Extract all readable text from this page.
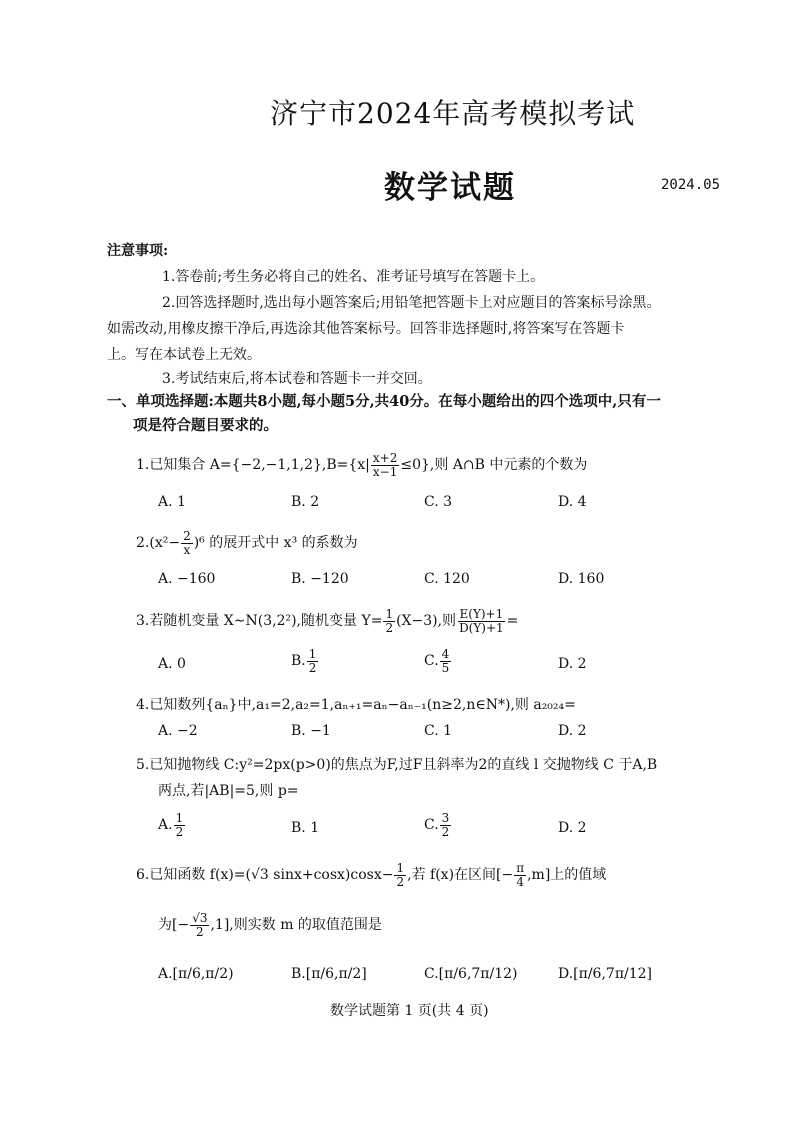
济宁市2024年高考模拟考试
数学试题	2024.05
注意事项:
1.答卷前;考生务必将自己的姓名、准考证号填写在答题卡上。
2.回答选择题时,选出每小题答案后;用铅笔把答题卡上对应题目的答案标号涂黑。
如需改动,用橡皮擦干净后,再选涂其他答案标号。回答非选择题时,将答案写在答题卡
上。写在本试卷上无效。
3.考试结束后,将本试卷和答题卡一并交回。
一、单项选择题:本题共8小题,每小题5分,共40分。在每小题给出的四个选项中,只有一
项是符合题目要求的。
1.已知集合 $A=\{-2,-1,1,2\},B=\{x| \frac{x+2}{x-1} \le 0\}$,则 A∩B 中元素的个数为
A. 1	B. 2	C. 3	D. 4
$2.(x^2- \frac{2}{x} )^6$ 的展开式中 x³ 的系数为
A. −160	B. −120	C. 120	D. 160
3.若随机变量 X∼N(3,2²),随机变量 $Y= \frac{1}{2} (X-3)$,则 $\frac{E(Y)+1}{D(Y)+1}$ =
A. 0	B. $\frac{1}{2}$	C. $\frac{4}{5}$	D. 2
4.已知数列{aₙ}中,a₁=2,a₂=1,aₙ₊₁=aₙ−aₙ₋₁(n≥2,n∈N*),则 a₂₀₂₄=
A. −2	B. −1	C. 1	D. 2
5.已知抛物线 C:y²=2px(p>0)的焦点为F,过F且斜率为2的直线 l 交抛物线 C 于A,B
两点,若|AB|=5,则 p=
A. $\frac{1}{2}$	B. 1	C. $\frac{3}{2}$	D. 2
6.已知函数 f(x)=(√3 $\sin x+\cos x)\cos x- \frac{1}{2}$ ,若 f(x)在区间[− $\frac{\pi}{4} ,m$]上的值域
为[− $\frac{√3}{2} ,1$],则实数 m 的取值范围是
A.[π/6,π/2)	B.[π/6,π/2]	C.[π/6,7π/12)	D.[π/6,7π/12]
数学试题第 1 页(共 4 页)
